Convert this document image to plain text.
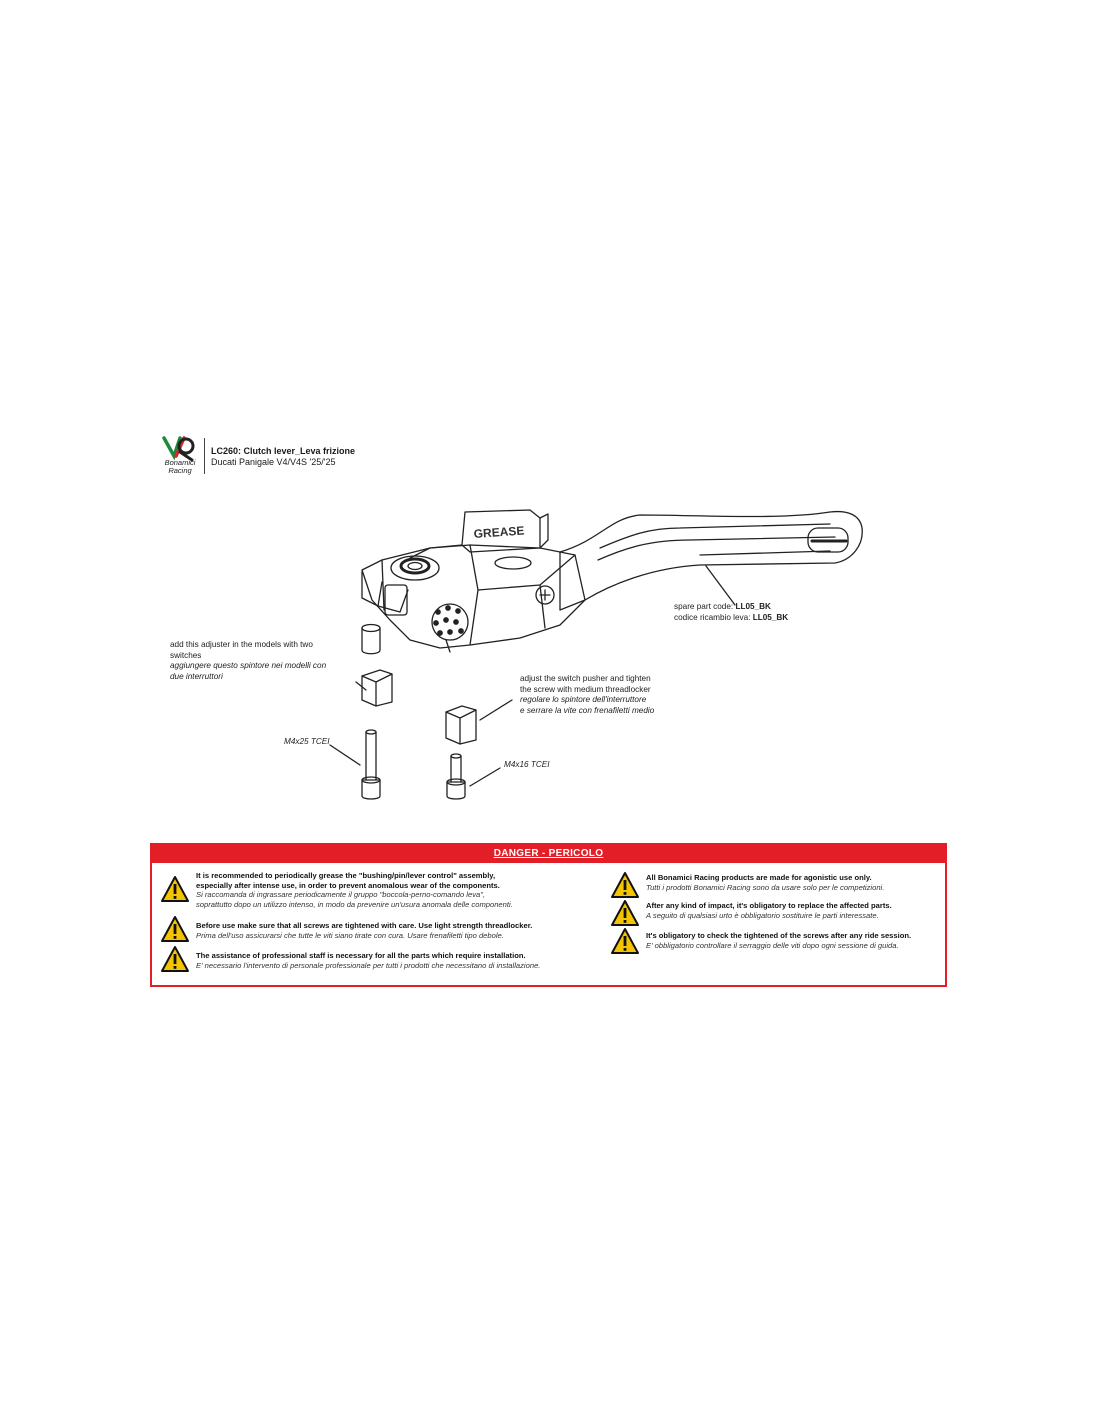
Bonamici Racing
LC260: Clutch lever_Leva frizione
Ducati Panigale V4/V4S '25/'25
GREASE
spare part code: LL05_BK
codice ricambio leva: LL05_BK
add this adjuster in the models with two
switches
aggiungere questo spintore nei modelli con
due interruttori	adjust the switch pusher and tighten
the screw with medium threadlocker
regolare lo spintore dell'interruttore
e serrare la vite con frenafiletti medio
M4x25 TCEI
M4x16 TCEI
DANGER - PERICOLO
It is recommended to periodically grease the "bushing/pin/lever control" assembly,
especially after intense use, in order to prevent anomalous wear of the components.
Si raccomanda di ingrassare periodicamente il gruppo "boccola-perno-comando leva",
soprattutto dopo un utilizzo intenso, in modo da prevenire un'usura anomala delle componenti.
Before use make sure that all screws are tightened with care. Use light strength threadlocker.
Prima dell'uso assicurarsi che tutte le viti siano tirate con cura. Usare frenafiletti tipo debole.
The assistance of professional staff is necessary for all the parts which require installation.
E' necessario l'intervento di personale professionale per tutti i prodotti che necessitano di installazione.
All Bonamici Racing products are made for agonistic use only.
Tutti i prodotti Bonamici Racing sono da usare solo per le competizioni.
After any kind of impact, it's obligatory to replace the affected parts.
A seguito di qualsiasi urto è obbligatorio sostituire le parti interessate.
It's obligatory to check the tightened of the screws after any ride session.
E' obbligatorio controllare il serraggio delle viti dopo ogni sessione di guida.
